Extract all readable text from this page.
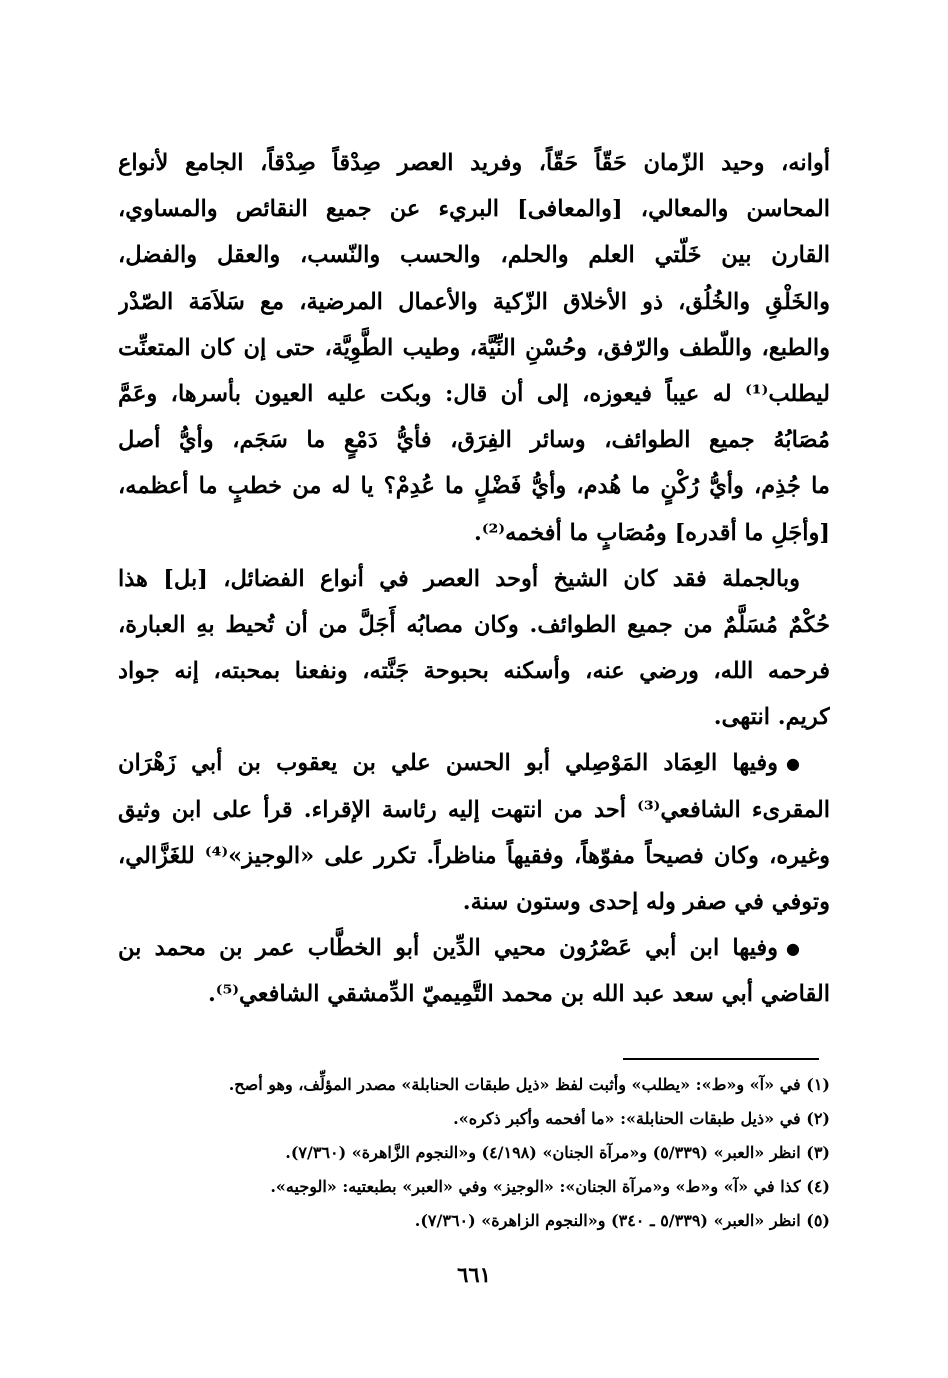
أوانه، وحيد الزّمان حَقّاً حَقّاً، وفريد العصر صِدْقاً صِدْقاً، الجامع لأنواع
المحاسن والمعالي، [والمعافى] البريء عن جميع النقائص والمساوي،
القارن بين خَلّتي العلم والحلم، والحسب والنّسب، والعقل والفضل،
والخَلْقِ والخُلُق، ذو الأخلاق الزّكية والأعمال المرضية، مع سَلاَمَة الصّدْر
والطبع، واللّطف والرّفق، وحُسْنِ النِّيَّة، وطيب الطَّوِيَّة، حتى إن كان المتعنِّت
ليطلب⁽¹⁾ له عيباً فيعوزه، إلى أن قال: وبكت عليه العيون بأسرها، وعَمَّ
مُصَابُهُ جميع الطوائف، وسائر الفِرَق، فأيُّ دَمْعٍ ما سَجَم، وأيُّ أصل
ما جُذِم، وأيُّ رُكْنٍ ما هُدم، وأيُّ فَضْلٍ ما عُدِمْ؟ يا له من خطبٍ ما أعظمه،
[وأجَلِ ما أقدره] ومُصَابٍ ما أفخمه⁽²⁾.
وبالجملة فقد كان الشيخ أوحد العصر في أنواع الفضائل، [بل] هذا
حُكْمٌ مُسَلَّمٌ من جميع الطوائف. وكان مصابُه أَجَلَّ من أن تُحيط بهِ العبارة،
فرحمه الله، ورضي عنه، وأسكنه بحبوحة جَنَّته، ونفعنا بمحبته، إنه جواد
كريم. انتهى.
●وفيها العِمَاد المَوْصِلي أبو الحسن علي بن يعقوب بن أبي زَهْرَان
المقرىء الشافعي⁽³⁾ أحد من انتهت إليه رئاسة الإقراء. قرأ على ابن وثيق
وغيره، وكان فصيحاً مفوّهاً، وفقيهاً مناظراً. تكرر على «الوجيز»⁽⁴⁾ للغَزَّالي،
وتوفي في صفر وله إحدى وستون سنة.
●وفيها ابن أبي عَصْرُون محيي الدِّين أبو الخطَّاب عمر بن محمد بن
القاضي أبي سعد عبد الله بن محمد التَّمِيميّ الدِّمشقي الشافعي⁽⁵⁾.
(١) في «آ» و«ط»: «يطلب» وأثبت لفظ «ذيل طبقات الحنابلة» مصدر المؤلِّف، وهو أصح.
(٢) في «ذيل طبقات الحنابلة»: «ما أفحمه وأكبر ذكره».
(٣) انظر «العبر» (٥/٣٣٩) و«مرآة الجنان» (٤/١٩٨) و«النجوم الزَّاهرة» (٧/٣٦٠).
(٤) كذا في «آ» و«ط» و«مرآة الجنان»: «الوجيز» وفي «العبر» بطبعتيه: «الوجيه».
(٥) انظر «العبر» (٥/٣٣٩ ـ ٣٤٠) و«النجوم الزاهرة» (٧/٣٦٠).
٦٦١
